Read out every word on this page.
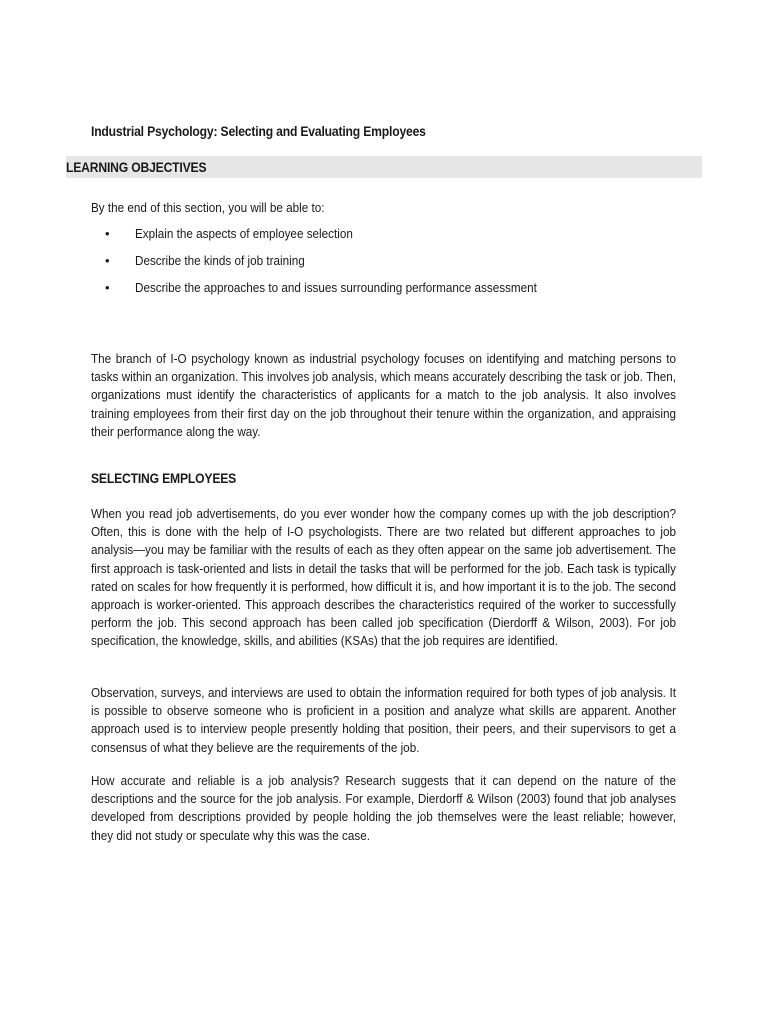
Industrial Psychology: Selecting and Evaluating Employees
LEARNING OBJECTIVES
By the end of this section, you will be able to:
• Explain the aspects of employee selection
• Describe the kinds of job training
• Describe the approaches to and issues surrounding performance assessment

The branch of I-O psychology known as industrial psychology focuses on identifying and matching persons to tasks within an organization. This involves job analysis, which means accurately describing the task or job. Then, organizations must identify the characteristics of applicants for a match to the job analysis. It also involves training employees from their first day on the job throughout their tenure within the organization, and appraising their performance along the way.

SELECTING EMPLOYEES

When you read job advertisements, do you ever wonder how the company comes up with the job description? Often, this is done with the help of I-O psychologists. There are two related but different approaches to job analysis—you may be familiar with the results of each as they often appear on the same job advertisement. The first approach is task-oriented and lists in detail the tasks that will be performed for the job. Each task is typically rated on scales for how frequently it is performed, how difficult it is, and how important it is to the job. The second approach is worker-oriented. This approach describes the characteristics required of the worker to successfully perform the job. This second approach has been called job specification (Dierdorff & Wilson, 2003). For job specification, the knowledge, skills, and abilities (KSAs) that the job requires are identified.

Observation, surveys, and interviews are used to obtain the information required for both types of job analysis. It is possible to observe someone who is proficient in a position and analyze what skills are apparent. Another approach used is to interview people presently holding that position, their peers, and their supervisors to get a consensus of what they believe are the requirements of the job.

How accurate and reliable is a job analysis? Research suggests that it can depend on the nature of the descriptions and the source for the job analysis. For example, Dierdorff & Wilson (2003) found that job analyses developed from descriptions provided by people holding the job themselves were the least reliable; however, they did not study or speculate why this was the case.
